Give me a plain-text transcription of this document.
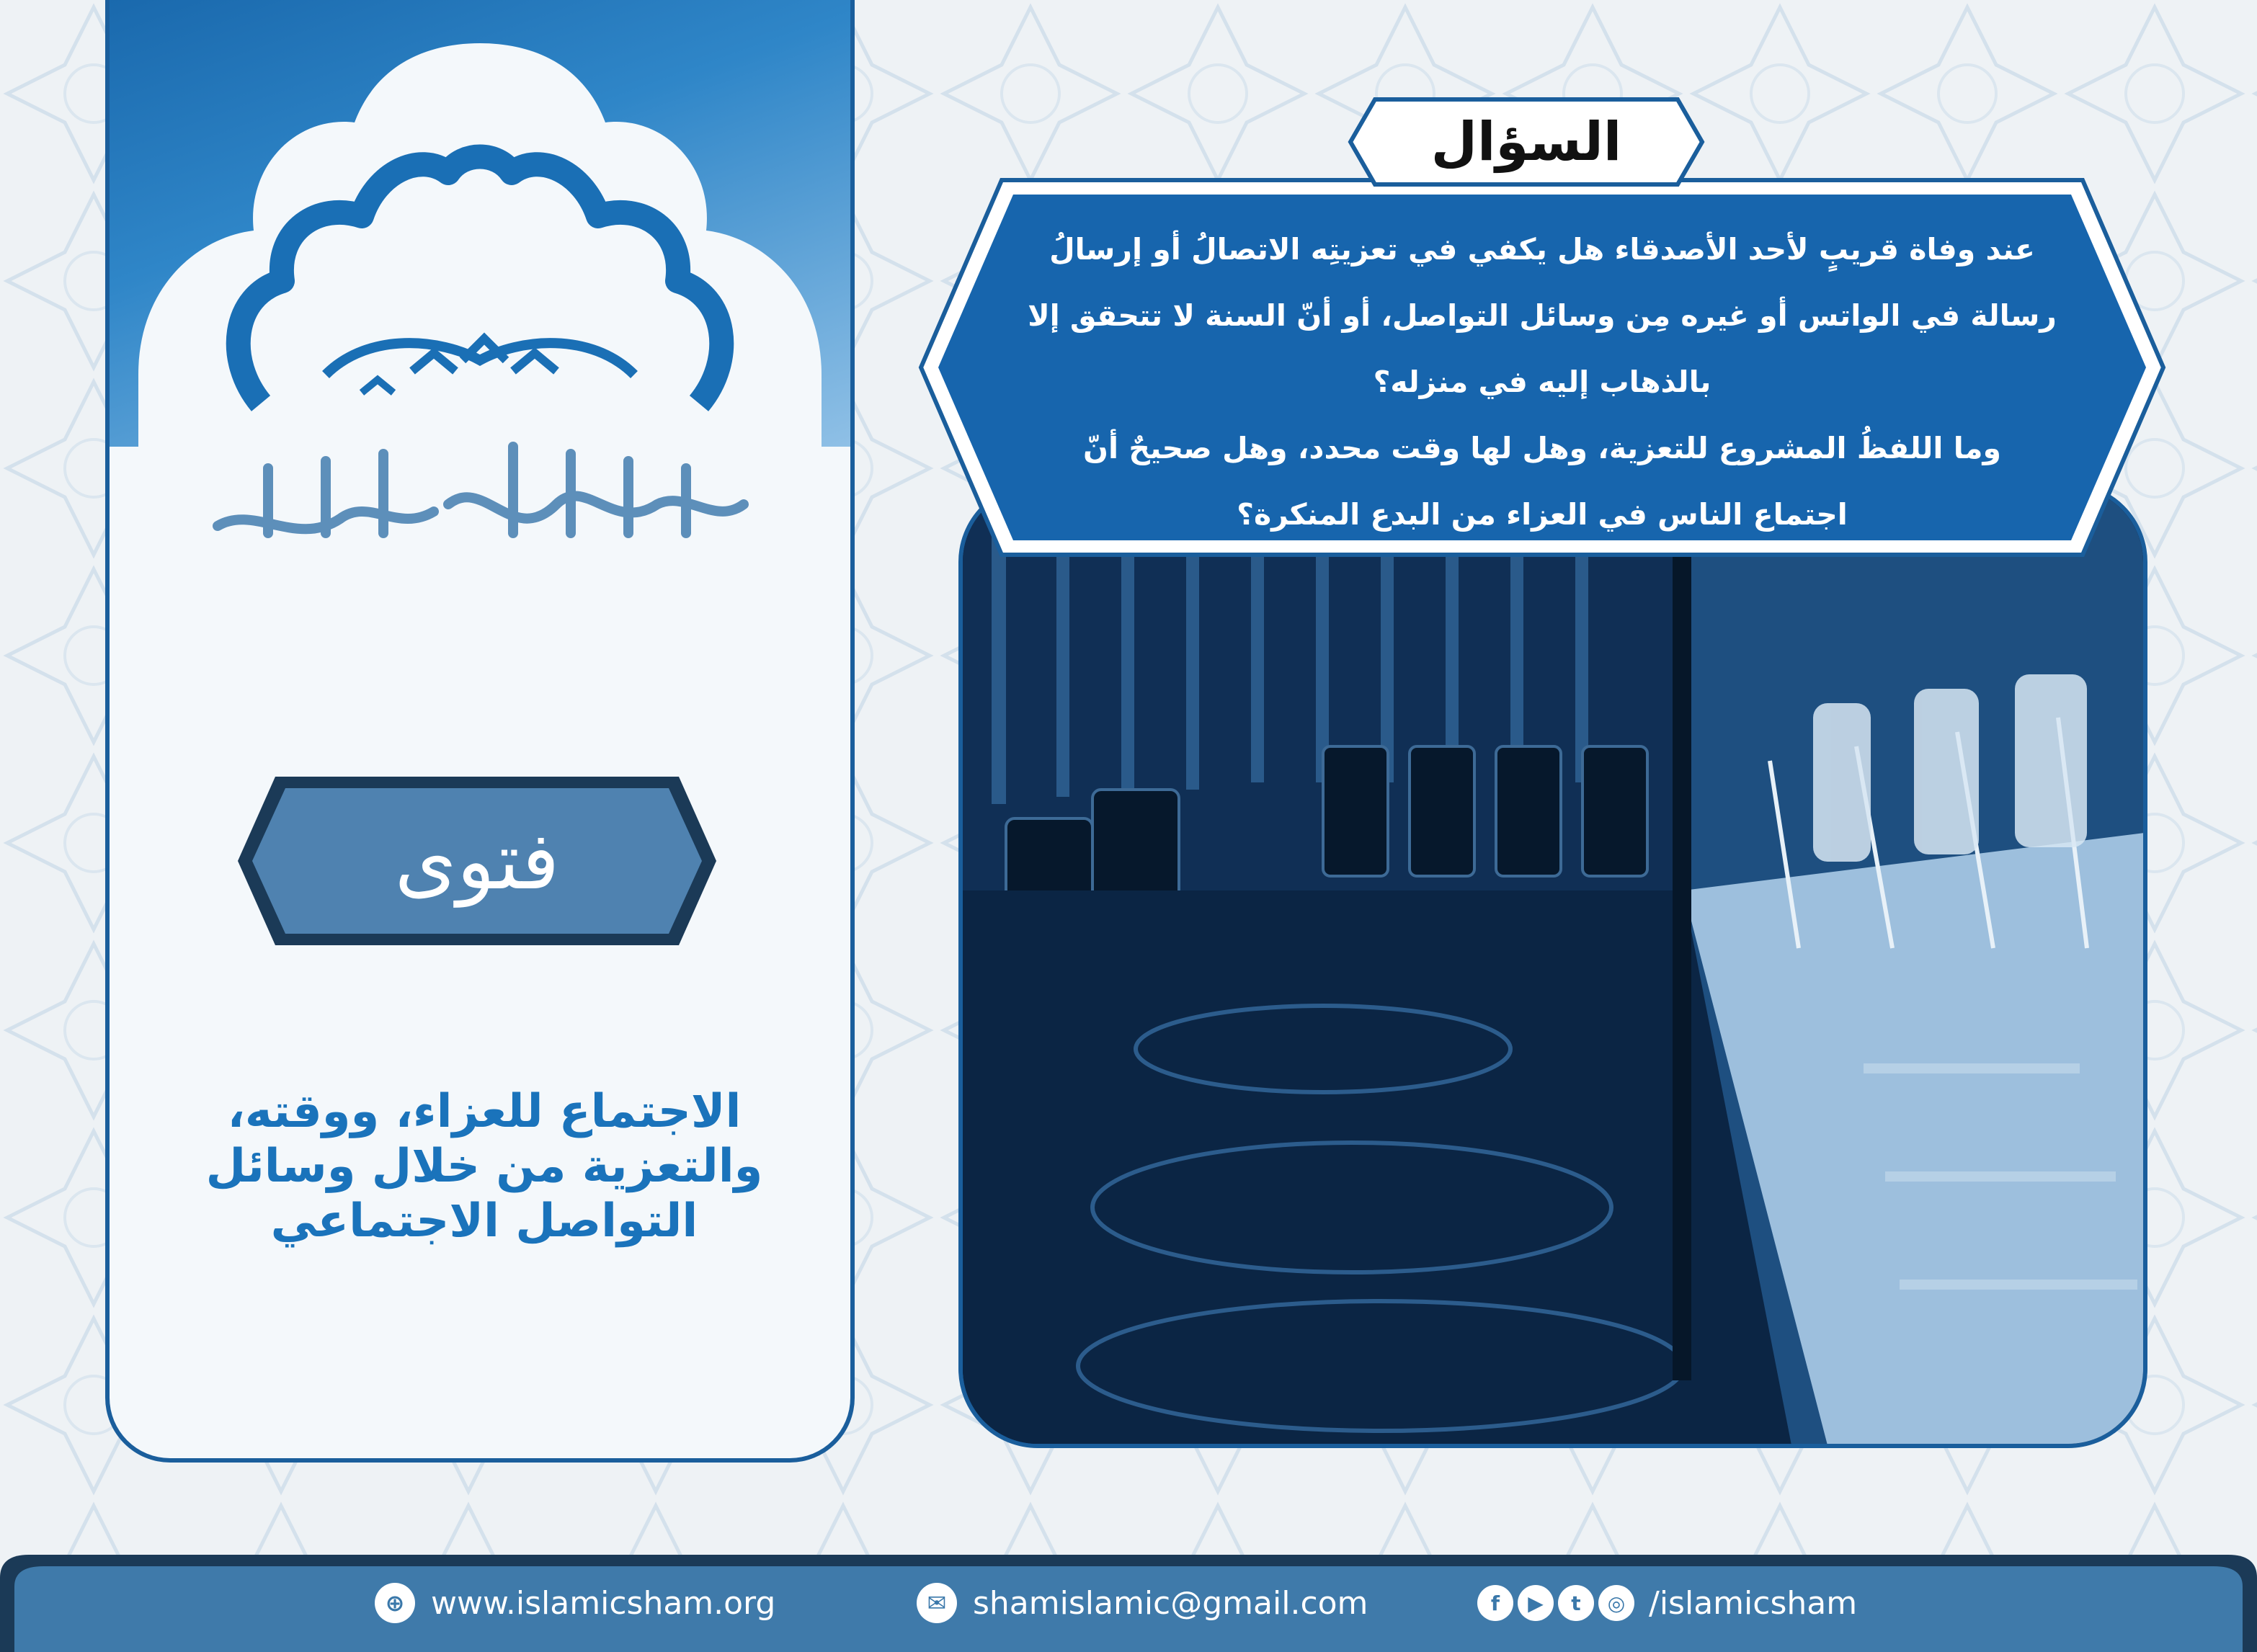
فتوى
الاجتماع للعزاء، ووقته،
والتعزية من خلال وسائل
التواصل الاجتماعي
عند وفاة قريبٍ لأحد الأصدقاء هل يكفي في تعزيتِه الاتصالُ أو إرسالُ
رسالة في الواتس أو غيره مِن وسائل التواصل، أو أنّ السنة لا تتحقق إلا
بالذهاب إليه في منزله؟
وما اللفظُ المشروع للتعزية، وهل لها وقت محدد، وهل صحيحٌ أنّ
اجتماع الناس في العزاء من البدع المنكرة؟
السؤال
⊕ www.islamicsham.org	✉ shamislamic@gmail.com	f	▶	t	◎ /islamicsham
